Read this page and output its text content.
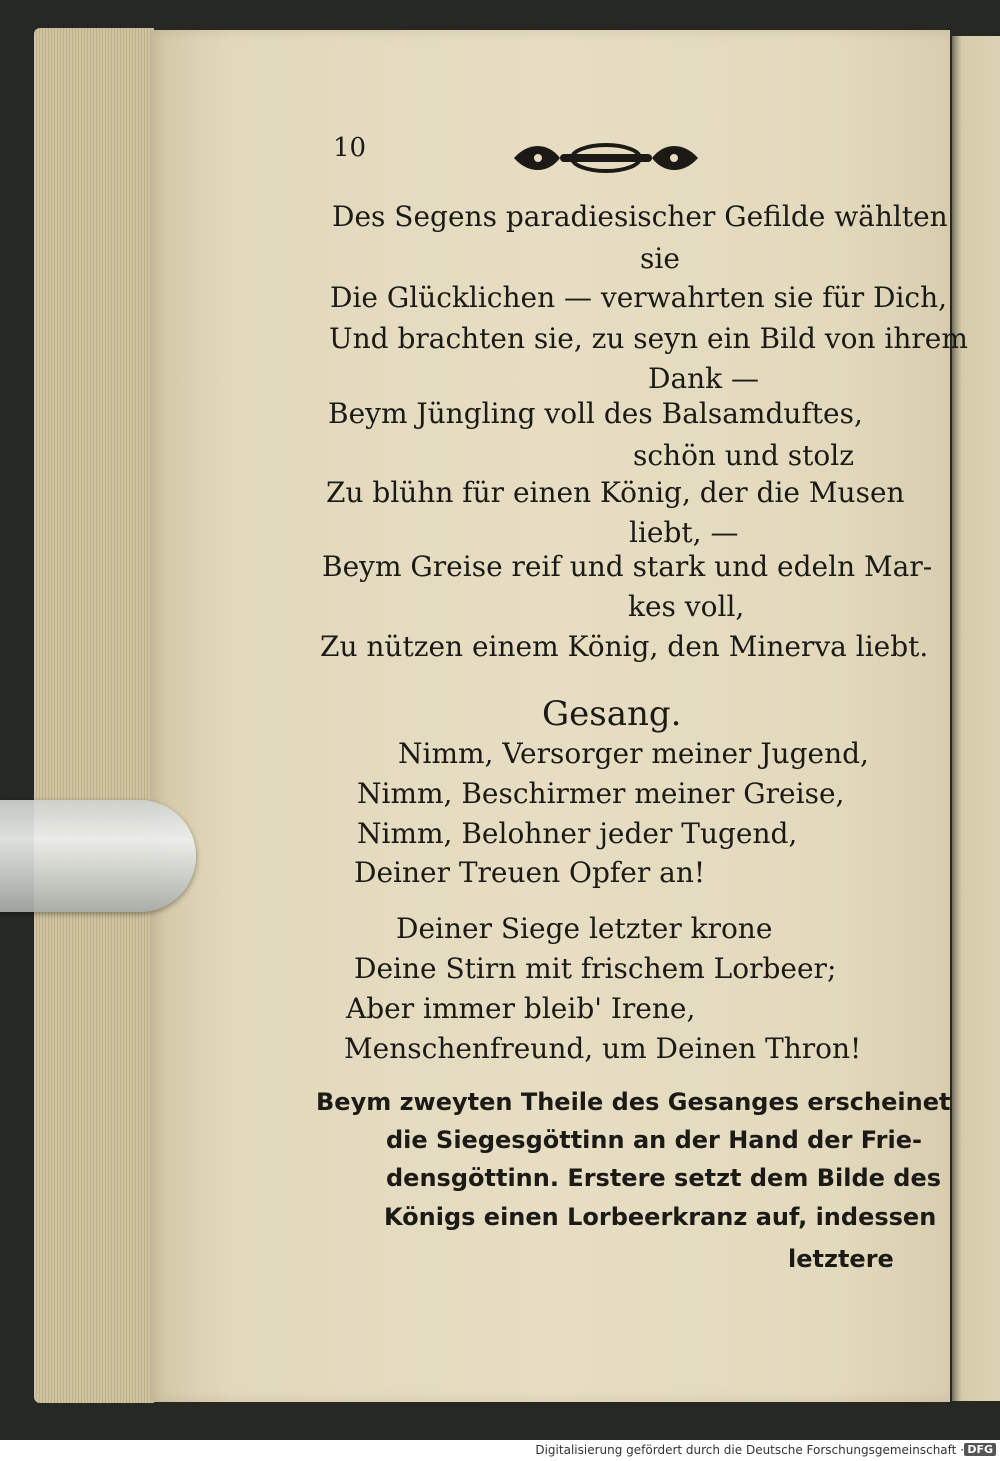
10
Des Segens paradiesischer Gefilde wählten
sie
Die Glücklichen — verwahrten sie für Dich,
Und brachten sie, zu seyn ein Bild von ihrem
Dank —
Beym Jüngling voll des Balsamduftes,
schön und stolz
Zu blühn für einen König, der die Musen
liebt, —
Beym Greise reif und stark und edeln Mar-
kes voll,
Zu nützen einem König, den Minerva liebt.
Gesang.
Nimm, Versorger meiner Jugend,
Nimm, Beschirmer meiner Greise,
Nimm, Belohner jeder Tugend,
Deiner Treuen Opfer an!
Deiner Siege letzter krone
Deine Stirn mit frischem Lorbeer;
Aber immer bleib' Irene,
Menschenfreund, um Deinen Thron!
Beym zweyten Theile des Gesanges erscheinet
die Siegesgöttinn an der Hand der Frie-
densgöttinn. Erstere setzt dem Bilde des
Königs einen Lorbeerkranz auf, indessen
letztere
Digitalisierung gefördert durch die Deutsche Forschungsgemeinschaft · DFG
